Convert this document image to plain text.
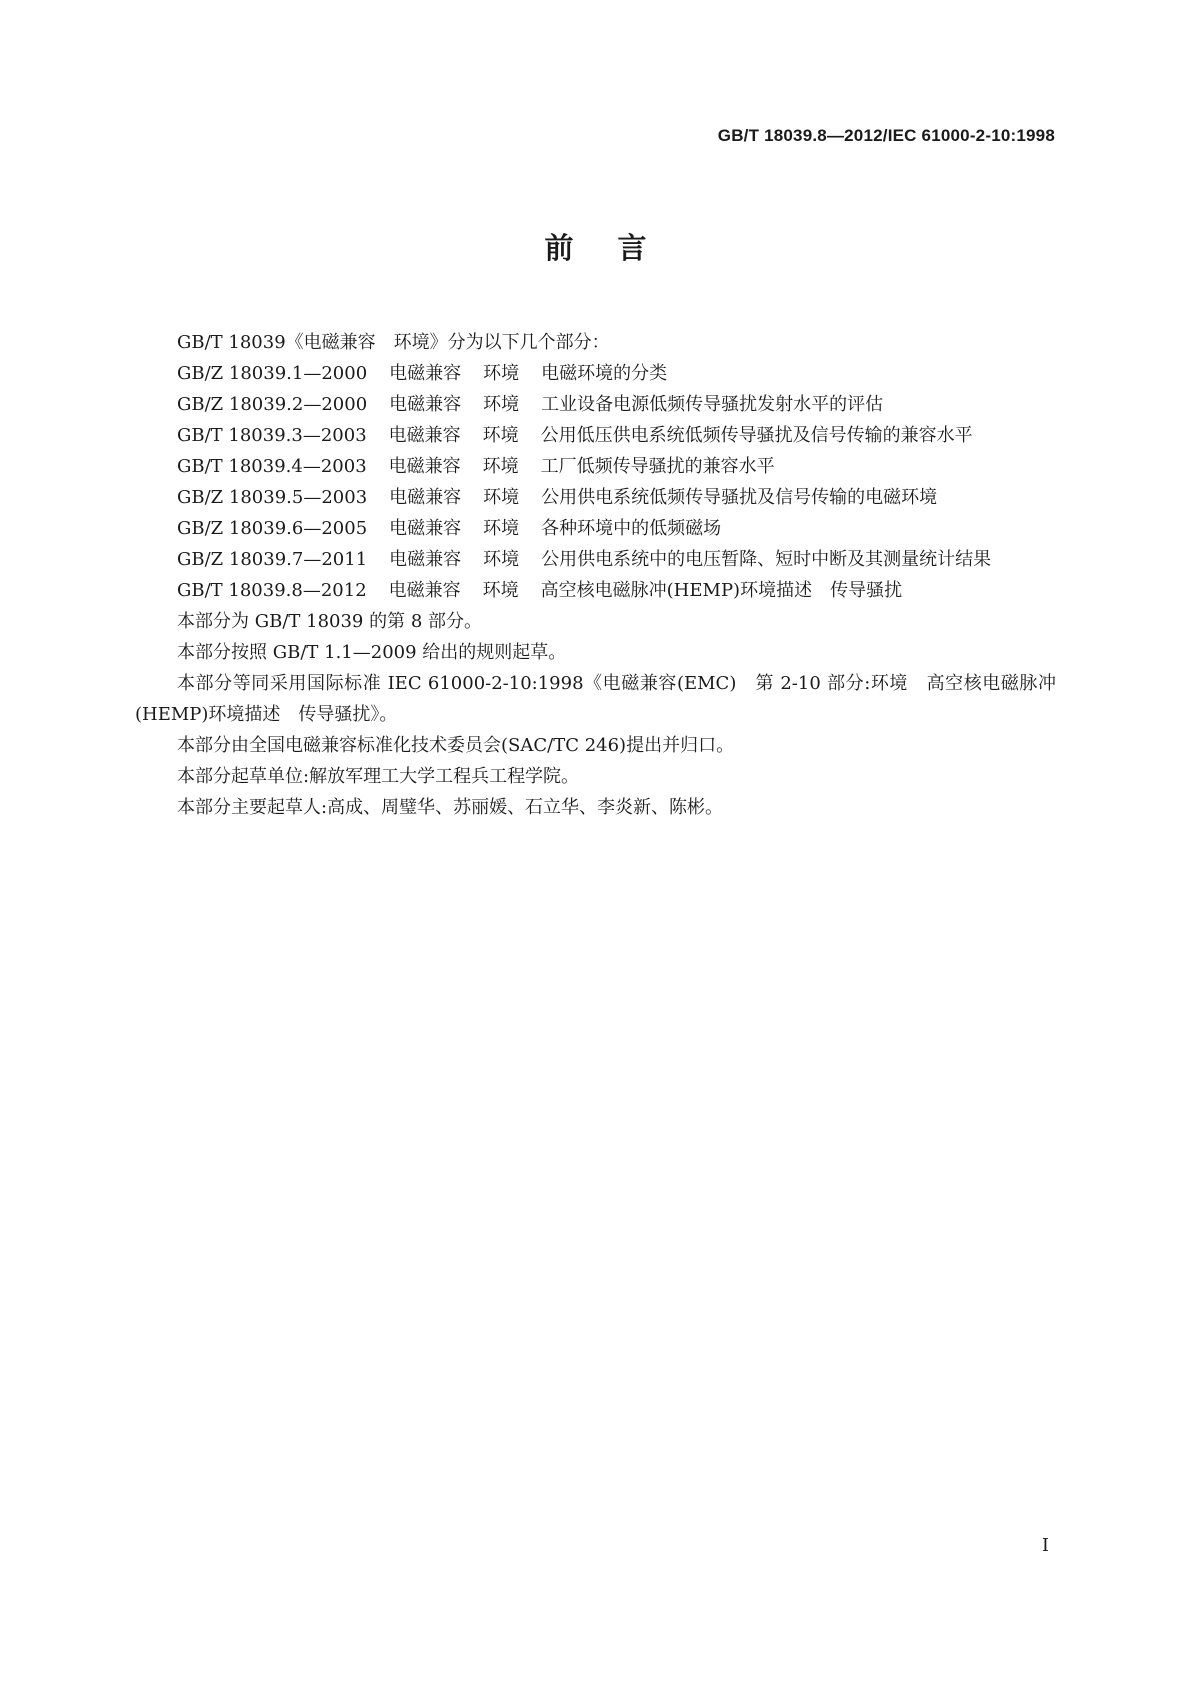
GB/T 18039.8—2012/IEC 61000-2-10:1998
前言

GB/T 18039《电磁兼容　环境》分为以下几个部分：

GB/Z 18039.1—2000 电磁兼容 环境 电磁环境的分类

GB/Z 18039.2—2000 电磁兼容 环境 工业设备电源低频传导骚扰发射水平的评估

GB/T 18039.3—2003 电磁兼容 环境 公用低压供电系统低频传导骚扰及信号传输的兼容水平

GB/T 18039.4—2003 电磁兼容 环境 工厂低频传导骚扰的兼容水平

GB/Z 18039.5—2003 电磁兼容 环境 公用供电系统低频传导骚扰及信号传输的电磁环境

GB/Z 18039.6—2005 电磁兼容 环境 各种环境中的低频磁场

GB/Z 18039.7—2011 电磁兼容 环境 公用供电系统中的电压暂降、短时中断及其测量统计结果

GB/T 18039.8—2012 电磁兼容 环境 高空核电磁脉冲(HEMP)环境描述　传导骚扰

本部分为 GB/T 18039 的第 8 部分。

本部分按照 GB/T 1.1—2009 给出的规则起草。

本部分等同采用国际标准 IEC 61000-2-10:1998《电磁兼容(EMC)　第 2-10 部分:环境　高空核电磁脉冲(HEMP)环境描述　传导骚扰》。

本部分由全国电磁兼容标准化技术委员会(SAC/TC 246)提出并归口。

本部分起草单位:解放军理工大学工程兵工程学院。

本部分主要起草人:高成、周璧华、苏丽媛、石立华、李炎新、陈彬。

I
